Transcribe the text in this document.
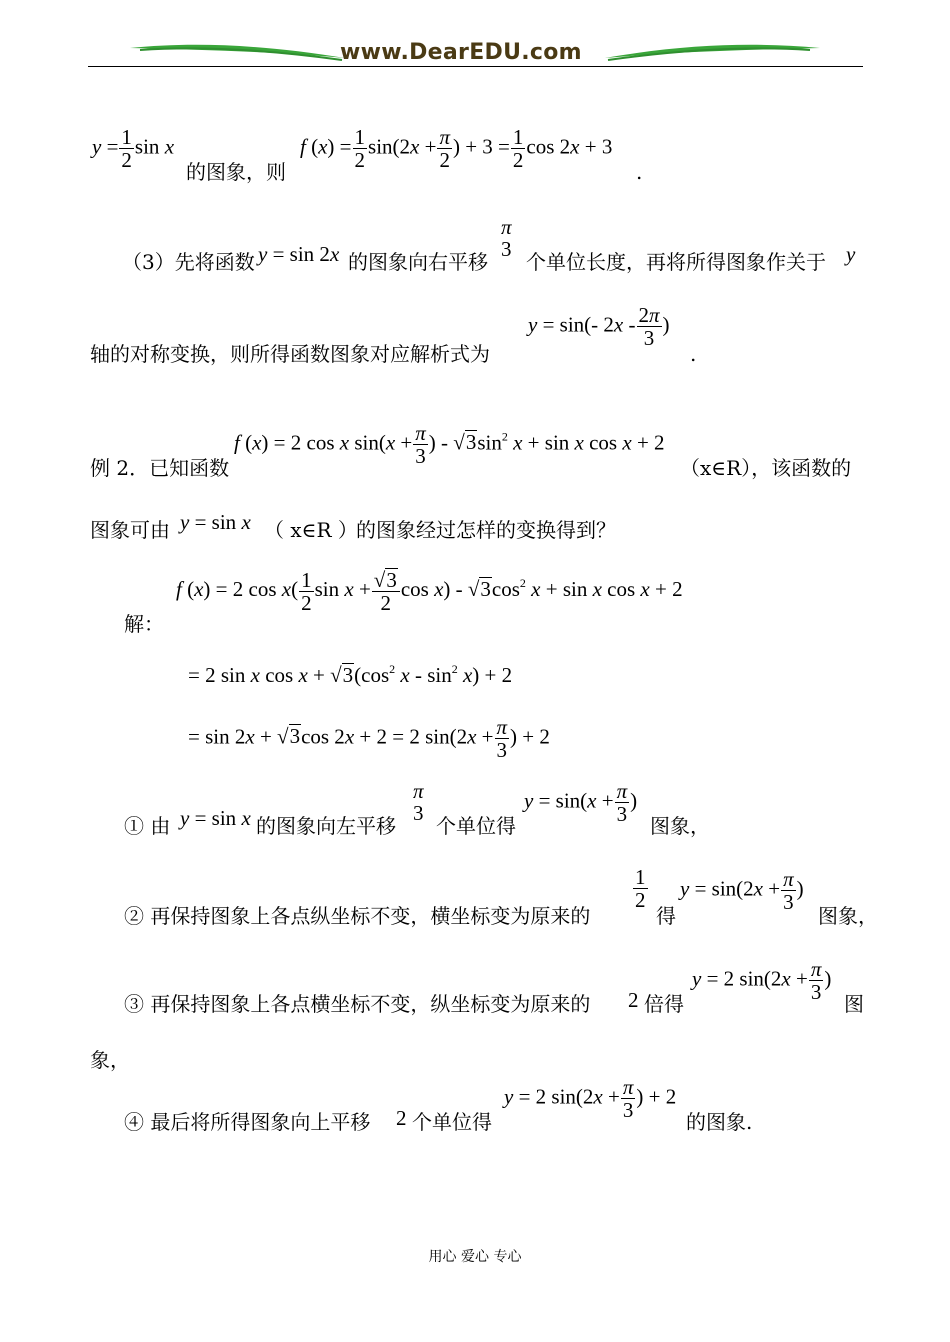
www.DearEDU.com
$y = \frac{1}{2}$ sin x
的图象，则
f $(x) = \frac{1}{2} \sin(2x + \frac{\pi}{2}$ ) + $3 = \frac{1}{2}$ cos 2x + 3
.
（3）先将函数 y = sin 2x 的图象向右平移
π
3
个单位长度，再将所得图象作关于 y
轴的对称变换，则所得函数图象对应解析式为
y = sin(- $2x - \frac{2\pi}{3}$ )
.
例 2．已知函数
f (x) = 2 cos x $\sin(x + \frac{\pi}{3}$ ) - $√3\sin^2$ x + sin x cos x + 2
（x∈R），该函数的
图象可由 y = sin x （ x∈R ）
的图象经过怎样的变换得到？
解：
f (x) = 2 $\cos x( \frac{1}{2}$ $\sin x + \frac{√3}{2}$ $\cos x) - √3\cos^2$ x + sin x cos x + 2
= 2 sin x $\cos x + √3(\cos^2$ $x - \sin^2 x) + 2$
= sin 2x + √3cos 2x + 2 = 2 $\sin(2x + \frac{\pi}{3}$ ) + 2
① 由 y = sin x 的图象向左平移
π
3
个单位得
$y = \sin(x + \frac{\pi}{3}$ )
图象，
② 再保持图象上各点纵坐标不变，横坐标变为原来的
$\frac{1}{2}$
得
$y = \sin(2x + \frac{\pi}{3}$ )
图象，
③ 再保持图象上各点横坐标不变，纵坐标变为原来的 2 倍得
y = 2 $\sin(2x + \frac{\pi}{3}$ )
图
象，
④ 最后将所得图象向上平移 2 个单位得
y = 2 $\sin(2x + \frac{\pi}{3}$ ) + 2
的图象.
用心 爱心 专心
